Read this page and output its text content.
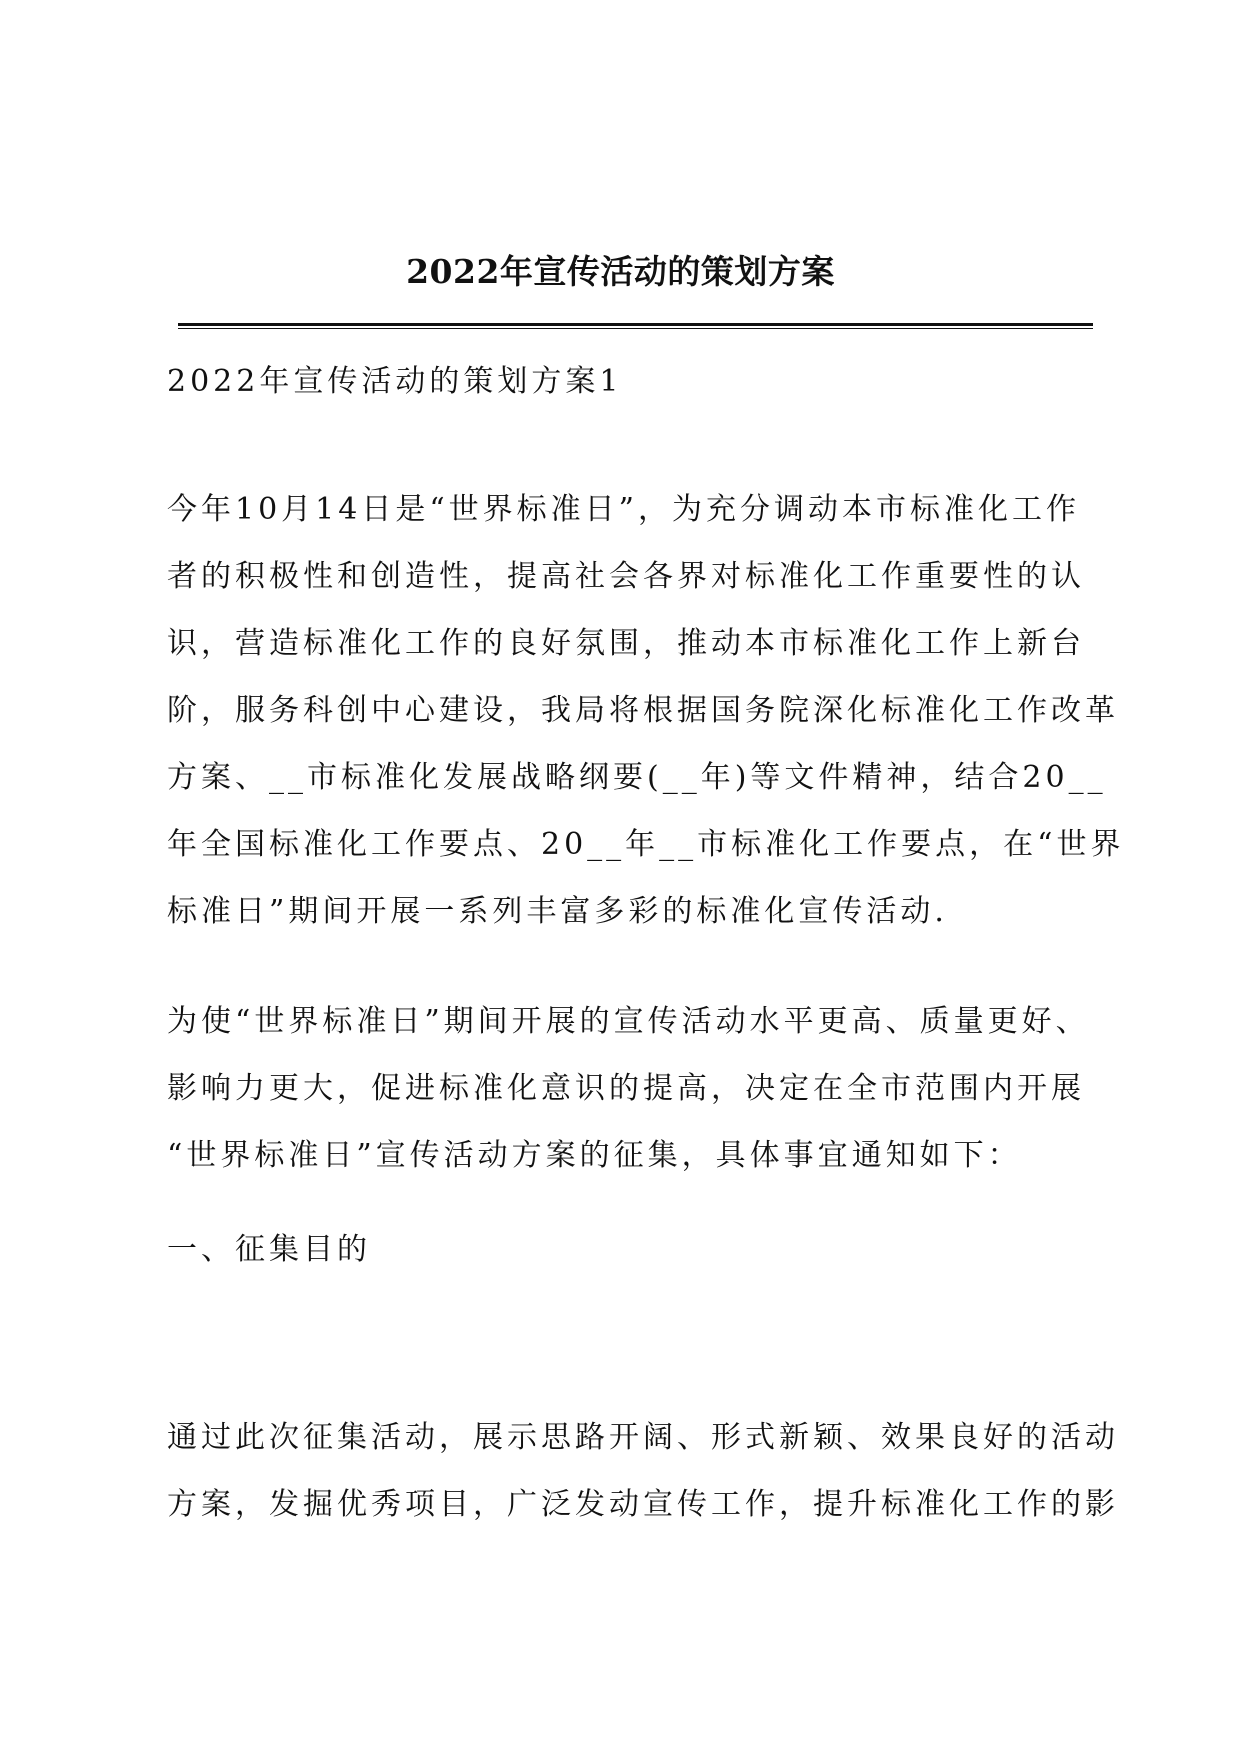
2022年宣传活动的策划方案

2022年宣传活动的策划方案1

今年10月14日是“世界标准日”，为充分调动本市标准化工作
者的积极性和创造性，提高社会各界对标准化工作重要性的认
识，营造标准化工作的良好氛围，推动本市标准化工作上新台
阶，服务科创中心建设，我局将根据国务院深化标准化工作改革
方案、__市标准化发展战略纲要(__年)等文件精神，结合20__
年全国标准化工作要点、20__年__市标准化工作要点，在“世界
标准日”期间开展一系列丰富多彩的标准化宣传活动.

为使“世界标准日”期间开展的宣传活动水平更高、质量更好、
影响力更大，促进标准化意识的提高，决定在全市范围内开展
“世界标准日”宣传活动方案的征集，具体事宜通知如下：

一、征集目的

通过此次征集活动，展示思路开阔、形式新颖、效果良好的活动
方案，发掘优秀项目，广泛发动宣传工作，提升标准化工作的影
